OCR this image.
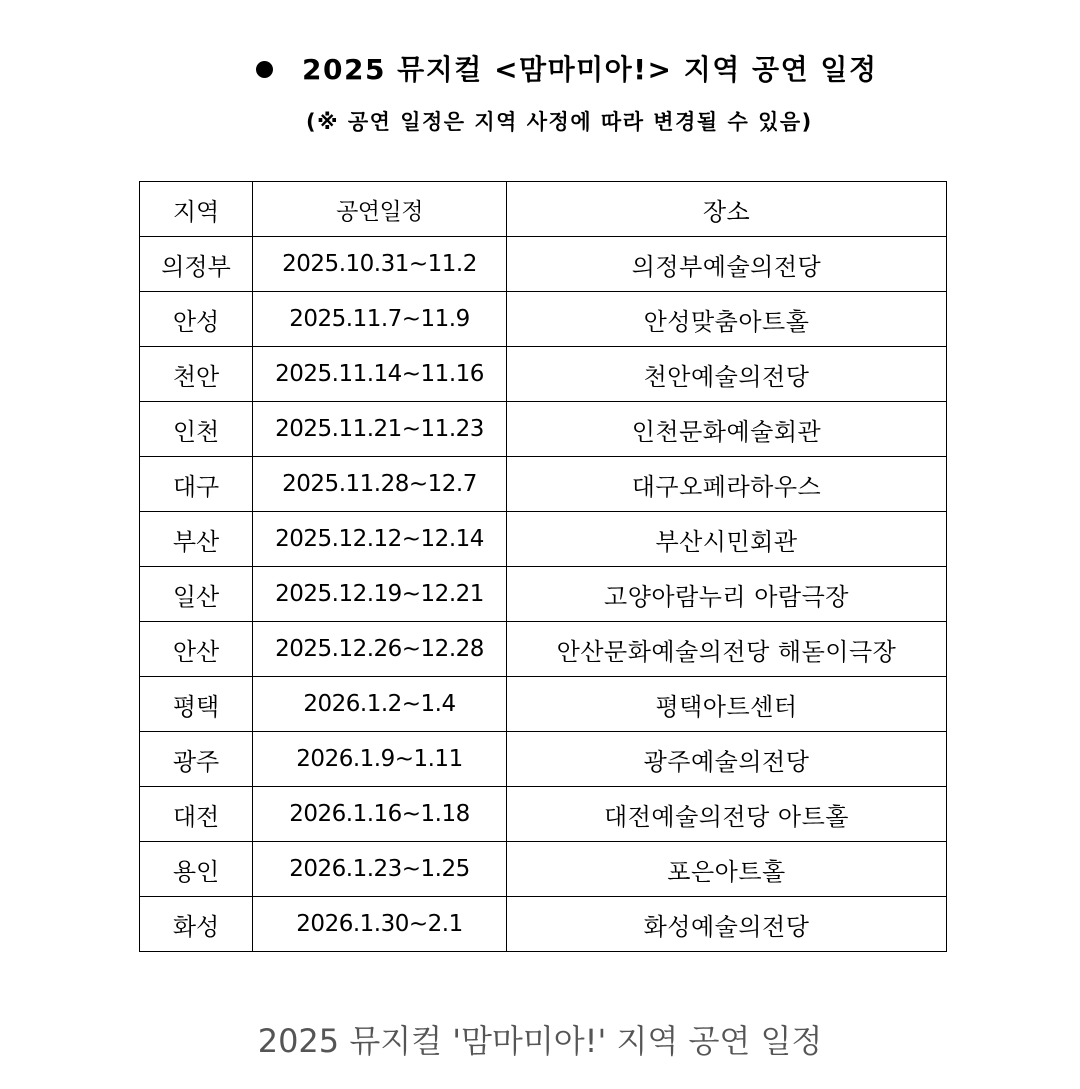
2025 뮤지컬 <맘마미아!> 지역 공연 일정
(※ 공연 일정은 지역 사정에 따라 변경될 수 있음)
지역	공연일정	장소
의정부	2025.10.31~11.2	의정부예술의전당
안성	2025.11.7~11.9	안성맞춤아트홀
천안	2025.11.14~11.16	천안예술의전당
인천	2025.11.21~11.23	인천문화예술회관
대구	2025.11.28~12.7	대구오페라하우스
부산	2025.12.12~12.14	부산시민회관
일산	2025.12.19~12.21	고양아람누리 아람극장
안산	2025.12.26~12.28	안산문화예술의전당 해돋이극장
평택	2026.1.2~1.4	평택아트센터
광주	2026.1.9~1.11	광주예술의전당
대전	2026.1.16~1.18	대전예술의전당 아트홀
용인	2026.1.23~1.25	포은아트홀
화성	2026.1.30~2.1	화성예술의전당
2025 뮤지컬 '맘마미아!' 지역 공연 일정
